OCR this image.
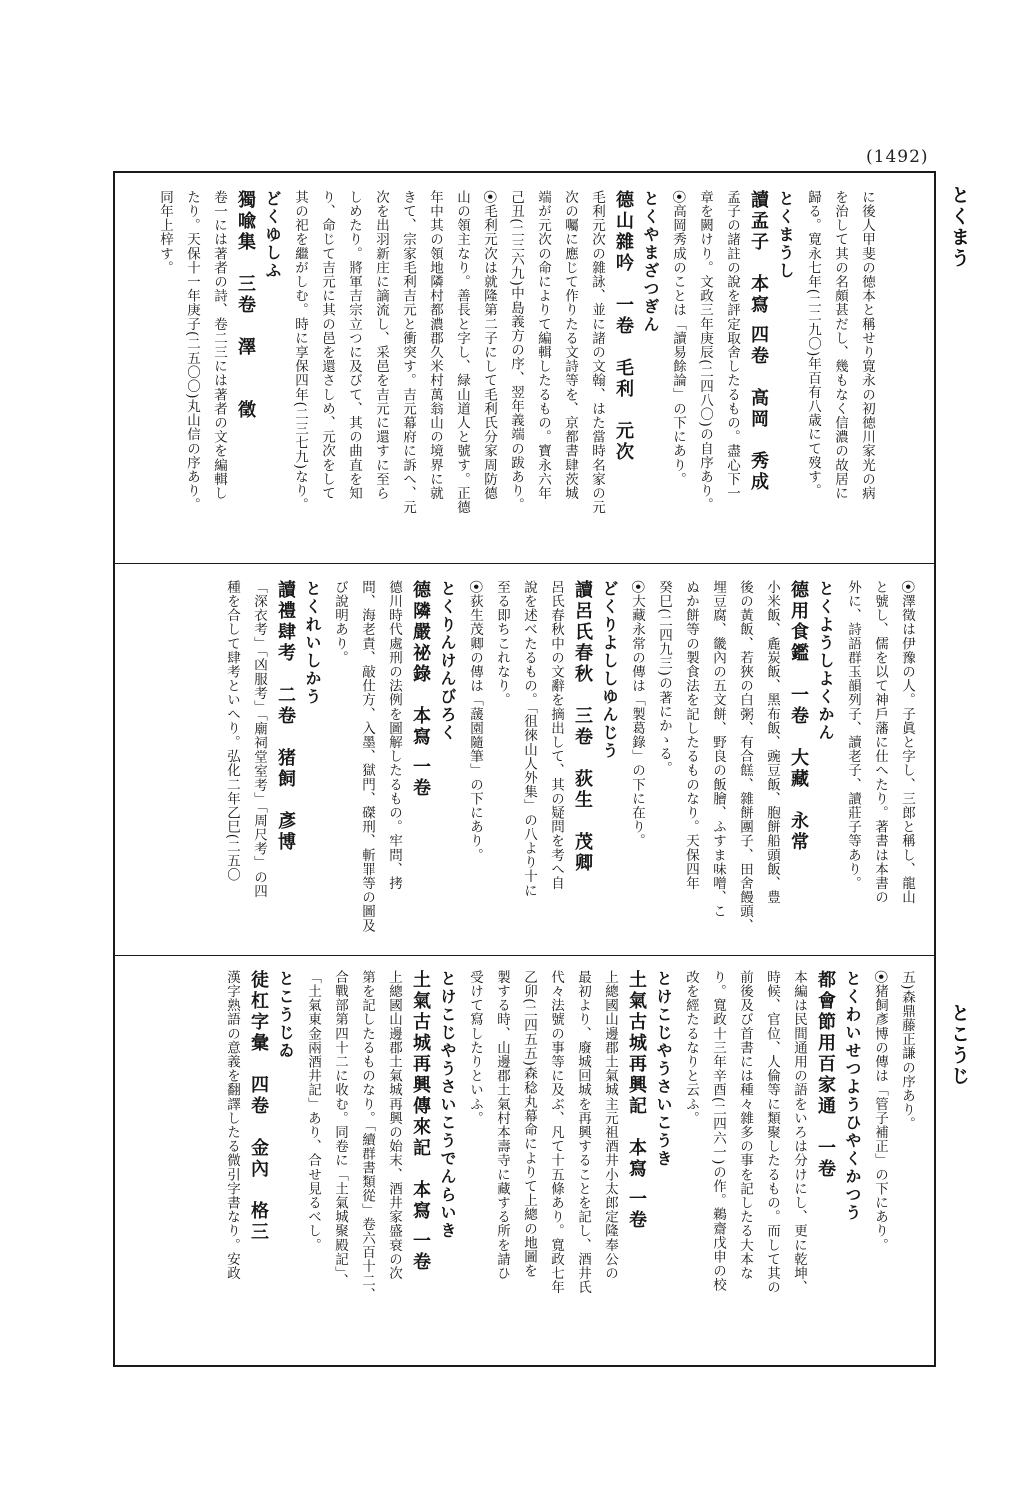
(1492)
とくまう
とこうじ
に後人甲斐の徳本と稱せり寛永の初徳川家光の病
を治して其の名頗甚だし、幾もなく信濃の故居に
歸る。寛永七年(二二九〇)年百有八歳にて歿す。
とくまうし
讀孟子　本寫 四卷　高岡　秀成
孟子の諸註の說を評定取舍したるもの。盡心下一
章を闕けり。文政三年庚辰(二四八〇)の自序あり。
⦿高岡秀成のことは「讀易餘論」の下にあり。
とくやまざつぎん
德山雜吟　一卷　毛利　元次
毛利元次の雜詠、並に諸の文翰、はた當時名家の元
次の囑に應じて作りたる文詩等を、京都書肆茨城
端が元次の命によりて編輯したるもの。寶永六年
己丑(二三六九)中島義方の序、翌年義端の跋あり。
⦿毛利元次は就隆第二子にして毛利氏分家周防德
山の領主なり。善長と字し、緑山道人と號す。正德
年中其の領地隣村都濃郡久米村萬翁山の境界に就
きて、宗家毛利吉元と衝突す。吉元幕府に訴へ、元
次を出羽新庄に謫流し、采邑を吉元に還すに至ら
しめたり。將軍吉宗立つに及びて、其の曲直を知
り、命じて吉元に其の邑を還さしめ、元次をして
其の祀を繼がしむ。時に享保四年(二三七九)なり。
どくゆしふ
獨喩集　三卷　澤　　徵
卷一には著者の詩、卷二三には著者の文を編輯し
たり。天保十一年庚子(二五〇〇)丸山信の序あり。
同年上梓す。
⦿澤徵は伊豫の人。子眞と字し、三郎と稱し、龍山
と號し、儒を以て神戶藩に仕へたり。著書は本書の
外に、詩語群玉韻列子、讀老子、讀莊子等あり。
とくようしよくかん
德用食鑑　一卷　大藏　永常
小米飯、麁炭飯、黑布飯、豌豆飯、胞餅船頭飯、豊
後の黃飯、若狹の白粥、有合餻、雜餅團子、田舍饅頭、
埋豆腐、畿內の五文餅、野良の飯膾、ふすま味噌、こ
ぬか餅等の製食法を記したるものなり。天保四年
癸巳(二四九三)の著にかゝる。
⦿大藏永常の傳は「製葛錄」の下に在り。
どくりよししゆんじう
讀呂氏春秋　三卷　荻生　茂卿
呂氏春秋中の文辭を摘出して、其の疑問を考へ自
說を述べたるもの。「徂徠山人外集」の八より十に
至る即ちこれなり。
⦿荻生茂卿の傳は「蘐園隨筆」の下にあり。
とくりんけんびろく
德隣嚴祕錄　本寫 一卷
德川時代處刑の法例を圖解したるもの。牢問、拷
問、海老責、敲仕方、入墨、獄門、磔刑、斬罪等の圖及
び說明あり。
とくれいしかう
讀禮肆考　二卷　猪飼　彥博
「深衣考」「凶服考」「廟祠堂室考」「周尺考」の四
種を合して肆考といへり。弘化二年乙巳(二五〇
五)森鼎藤正謙の序あり。
⦿猪飼彥博の傳は「管子補正」の下にあり。
とくわいせつようひやくかつう
都會節用百家通　一卷
本編は民間通用の語をいろは分けにし、更に乾坤、
時候、官位、人倫等に類聚したるもの。而して其の
前後及び首書には種々雜多の事を記したる大本な
り。寬政十三年辛酉(二四六一)の作。鵜齋戊申の校
改を經たるなりと云ふ。
とけこじやうさいこうき
土氣古城再興記　本寫 一卷
上總國山邊郡土氣城主元祖酒井小太郎定隆奉公の
最初より、廢城回城を再興することを記し、酒井氏
代々法號の事等に及ぶ、凡て十五條あり。寬政七年
乙卯(二四五五)森稔丸幕命によりて上總の地圖を
製する時、山邊郡土氣村本壽寺に藏する所を請ひ
受けて寫したりといふ。
とけこじやうさいこうでんらいき
土氣古城再興傳來記　本寫 一卷
上總國山邊郡土氣城再興の始末、酒井家盛衰の次
第を記したるものなり。「續群書類從」卷六百十二、
合戰部第四十二に收む。同卷に「土氣城聚殿記」、
「土氣東金兩酒井記」あり、合せ見るべし。
とこうじゐ
徒杠字彙　四卷　金內　格三
漢字熟語の意義を翻譯したる微引字書なり。安政
